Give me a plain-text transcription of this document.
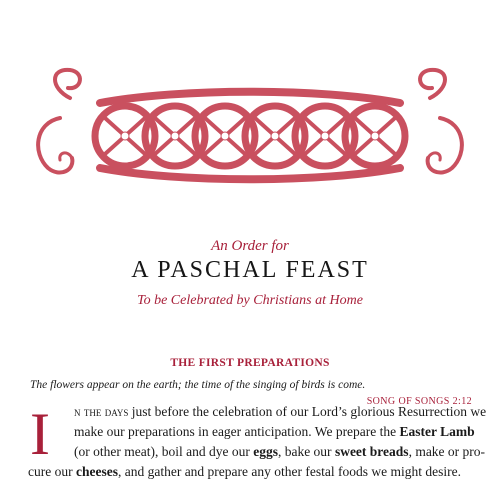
An Order for
A PASCHAL FEAST
To be Celebrated by Christians at Home
THE FIRST PREPARATIONS
The flowers appear on the earth; the time of the singing of birds is come.
SONG OF SONGS 2:12
I n the days just before the celebration of our Lord’s glorious Resurrection we
make our preparations in eager anticipation. We prepare the Easter Lamb
(or other meat), boil and dye our eggs, bake our sweet breads, make or pro-
cure our cheeses, and gather and prepare any other festal foods we might desire.
